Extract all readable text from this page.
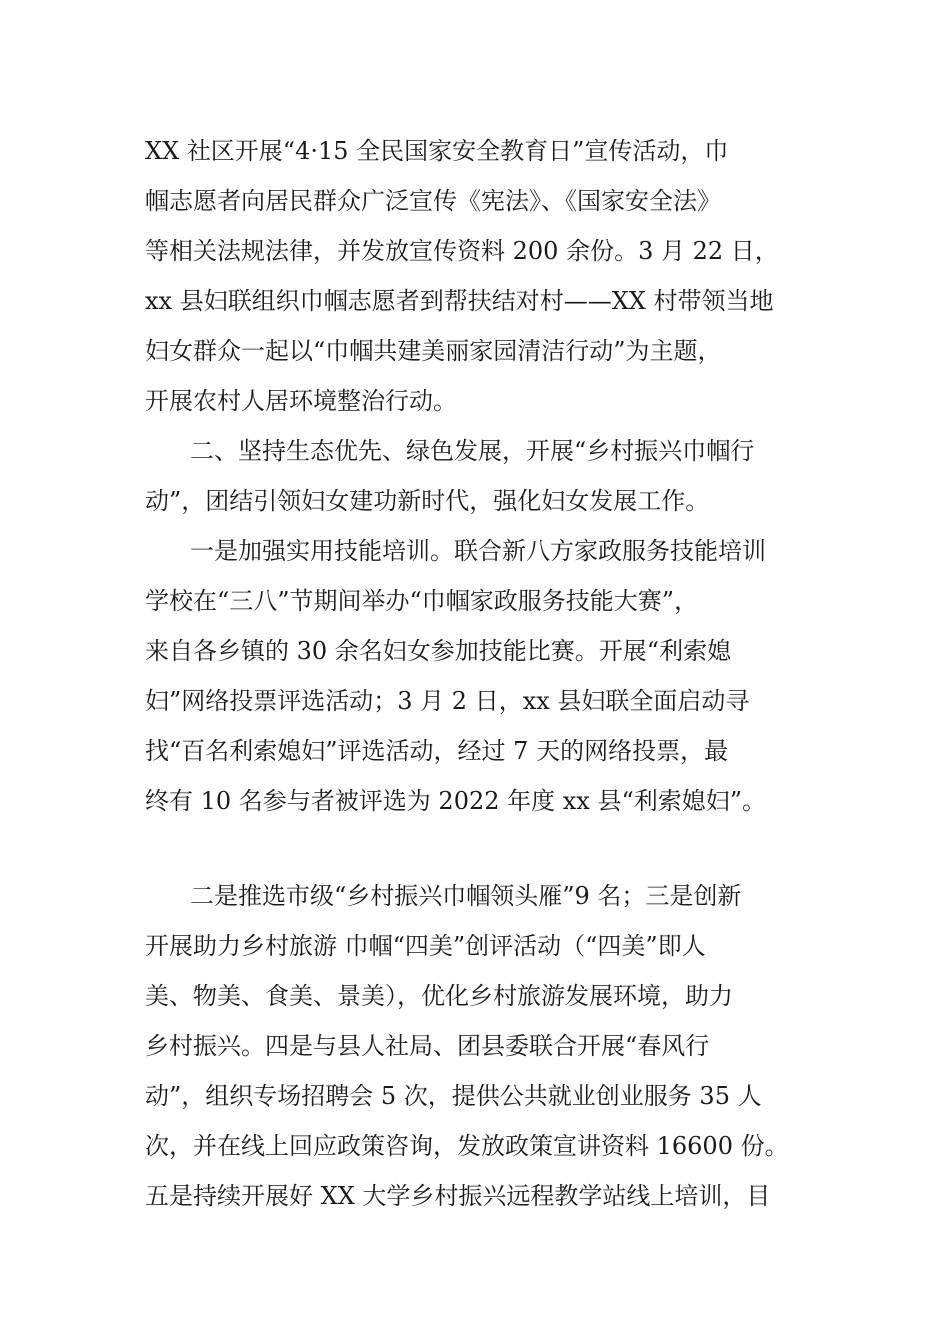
XX 社区开展“4·15 全民国家安全教育日”宣传活动，巾
帼志愿者向居民群众广泛宣传《宪法》、《国家安全法》
等相关法规法律，并发放宣传资料 200 余份。3 月 22 日，
xx 县妇联组织巾帼志愿者到帮扶结对村——XX 村带领当地
妇女群众一起以“巾帼共建美丽家园清洁行动”为主题，
开展农村人居环境整治行动。
二、坚持生态优先、绿色发展，开展“乡村振兴巾帼行
动”，团结引领妇女建功新时代，强化妇女发展工作。
一是加强实用技能培训。联合新八方家政服务技能培训
学校在“三八”节期间举办“巾帼家政服务技能大赛”，
来自各乡镇的 30 余名妇女参加技能比赛。开展“利索媳
妇”网络投票评选活动；3 月 2 日，xx 县妇联全面启动寻
找“百名利索媳妇”评选活动，经过 7 天的网络投票，最
终有 10 名参与者被评选为 2022 年度 xx 县“利索媳妇”。
二是推选市级“乡村振兴巾帼领头雁”9 名；三是创新
开展助力乡村旅游 巾帼“四美”创评活动（“四美”即人
美、物美、食美、景美），优化乡村旅游发展环境，助力
乡村振兴。四是与县人社局、团县委联合开展“春风行
动”，组织专场招聘会 5 次，提供公共就业创业服务 35 人
次，并在线上回应政策咨询，发放政策宣讲资料 16600 份。
五是持续开展好 XX 大学乡村振兴远程教学站线上培训，目
